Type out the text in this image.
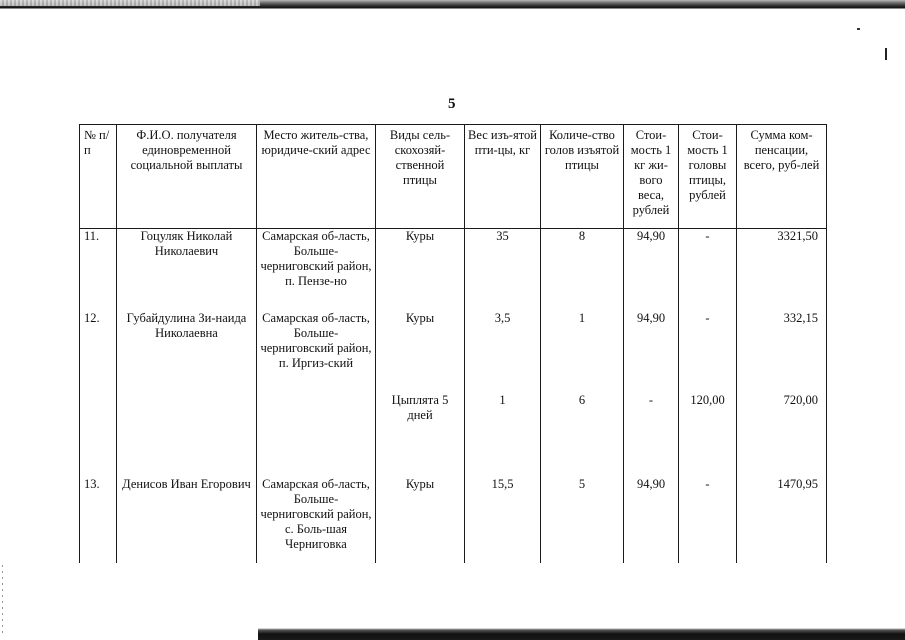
5
№ п/п	Ф.И.О. получателя единовременной социальной выплаты	Место житель-ства, юридиче-ский адрес	Виды сель-скохозяй-ственной птицы	Вес изъ-ятой пти-цы, кг	Количе-ство голов изъятой птицы	Стои-мость 1 кг жи-вого веса, рублей	Стои-мость 1 головы птицы, рублей	Сумма ком-пенсации, всего, руб-лей
11.	Гоцуляк Николай Николаевич	Самарская об-ласть, Больше-черниговский район, п. Пензе-но	Куры	35	8	94,90	-	3321,50
12.	Губайдулина Зи-наида Николаевна	Самарская об-ласть, Больше-черниговский район, п. Иргиз-ский	Куры	3,5	1	94,90	-	332,15
			Цыплята 5 дней	1	6	-	120,00	720,00
13.	Денисов Иван Егорович	Самарская об-ласть, Больше-черниговский район, с. Боль-шая Черниговка	Куры	15,5	5	94,90	-	1470,95
